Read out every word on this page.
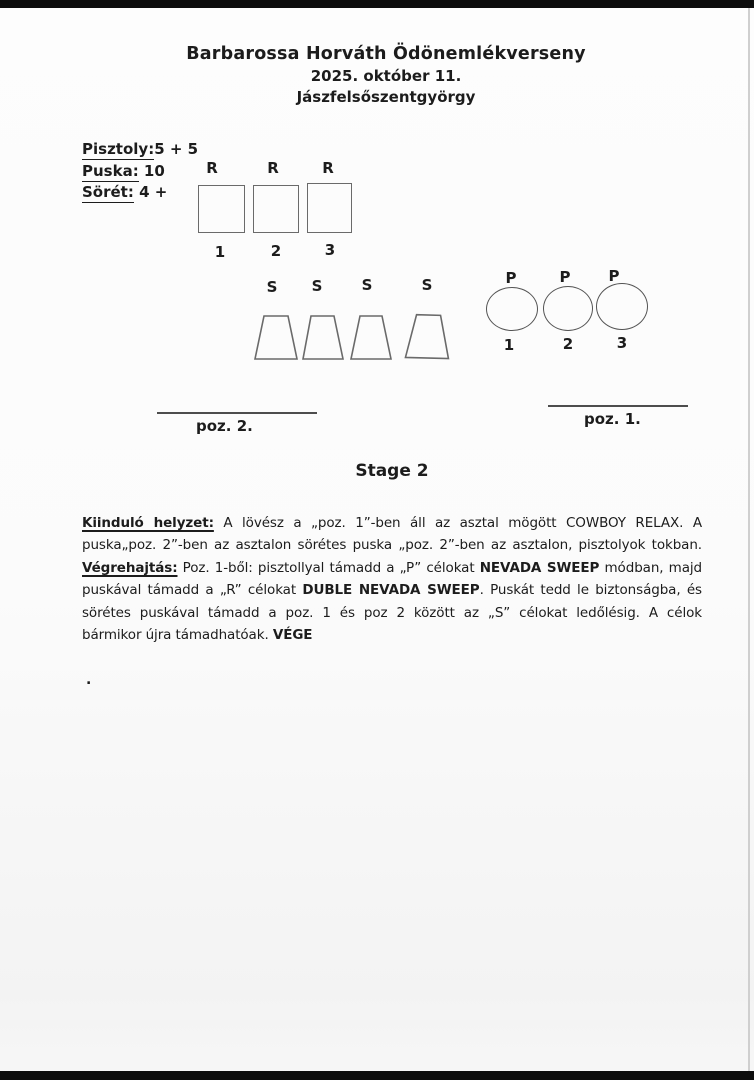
Barbarossa Horváth Ödönemlékverseny
2025. október 11.
Jászfelsőszentgyörgy
Pisztoly:5 + 5
Puska: 10
Sörét: 4 +
R	R	R
1	2	3
S S	S	S	P	P	P
1	2	3
poz. 2.	poz. 1.
Stage 2
Kiinduló helyzet: A lövész a „poz. 1”-ben áll az asztal mögött COWBOY RELAX. A
puska„poz. 2”-ben az asztalon sörétes puska „poz. 2”-ben az asztalon, pisztolyok tokban.
Végrehajtás: Poz. 1-ből: pisztollyal támadd a „P” célokat NEVADA SWEEP módban, majd
puskával támadd a „R” célokat DUBLE NEVADA SWEEP. Puskát tedd le biztonságba, és
sörétes puskával támadd a poz. 1 és poz 2 között az „S” célokat ledőlésig. A célok
bármikor újra támadhatóak. VÉGE
.
